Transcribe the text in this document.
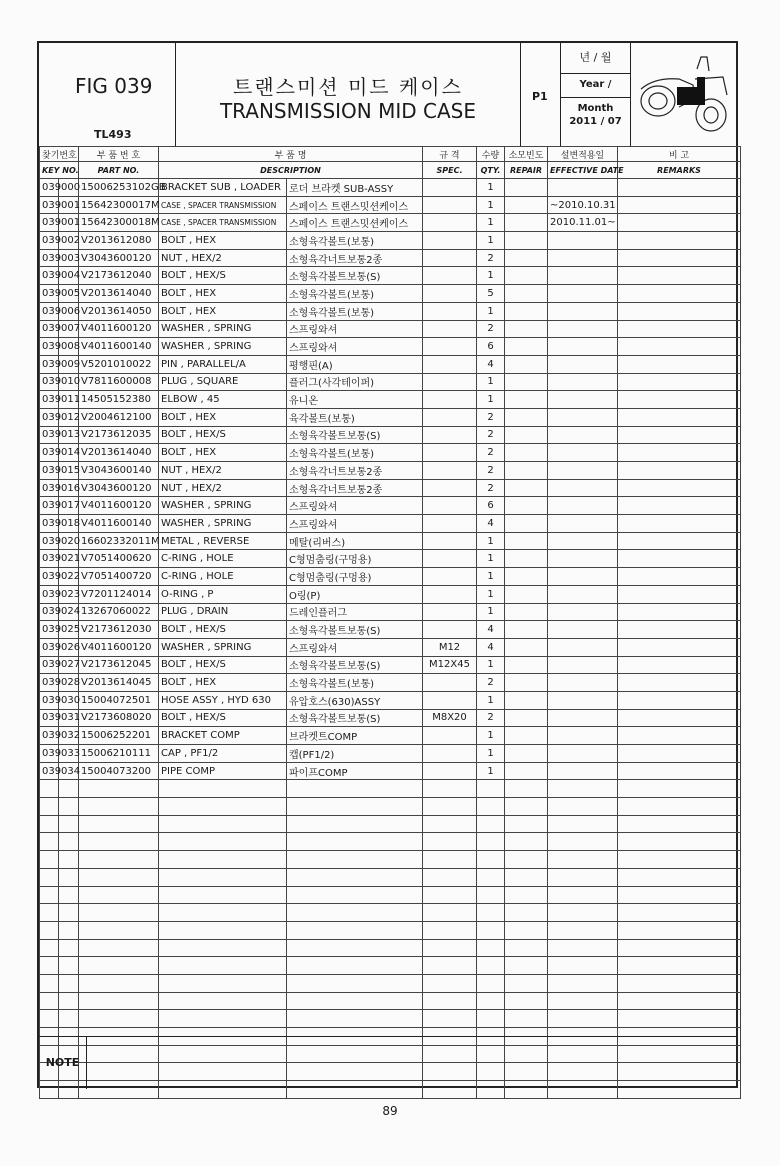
FIG 039
TL493
트랜스미션 미드 케이스
TRANSMISSION MID CASE
P1
년 / 월
Year / Month
2011 / 07
찾기번호		부 품 번 호	부 품 명		규 격	수량	소모빈도	설변적용일	비 고
KEY NO.		PART NO.	DESCRIPTION		SPEC.	QTY.	REPAIR	EFFECTIVE DATE	REMARKS
039	000	15006253102GB	BRACKET SUB , LOADER	로더 브라켓 SUB-ASSY		1			
039	001	15642300017M	CASE , SPACER TRANSMISSION	스페이스 트랜스밋션케이스		1		~2010.10.31	
039	001	15642300018M	CASE , SPACER TRANSMISSION	스페이스 트랜스밋션케이스		1		2010.11.01~	
039	002	V2013612080	BOLT , HEX	소형육각볼트(보통)		1			
039	003	V3043600120	NUT , HEX/2	소형육각너트보통2종		2			
039	004	V2173612040	BOLT , HEX/S	소형육각볼트보통(S)		1			
039	005	V2013614040	BOLT , HEX	소형육각볼트(보통)		5			
039	006	V2013614050	BOLT , HEX	소형육각볼트(보통)		1			
039	007	V4011600120	WASHER , SPRING	스프링와셔		2			
039	008	V4011600140	WASHER , SPRING	스프링와셔		6			
039	009	V5201010022	PIN , PARALLEL/A	평행핀(A)		4			
039	010	V7811600008	PLUG , SQUARE	플러그(사각테이퍼)		1			
039	011	14505152380	ELBOW , 45	유니온		1			
039	012	V2004612100	BOLT , HEX	육각볼트(보통)		2			
039	013	V2173612035	BOLT , HEX/S	소형육각볼트보통(S)		2			
039	014	V2013614040	BOLT , HEX	소형육각볼트(보통)		2			
039	015	V3043600140	NUT , HEX/2	소형육각너트보통2종		2			
039	016	V3043600120	NUT , HEX/2	소형육각너트보통2종		2			
039	017	V4011600120	WASHER , SPRING	스프링와셔		6			
039	018	V4011600140	WASHER , SPRING	스프링와셔		4			
039	020	16602332011M	METAL , REVERSE	메탈(리버스)		1			
039	021	V7051400620	C-RING , HOLE	C형멈춤링(구멍용)		1			
039	022	V7051400720	C-RING , HOLE	C형멈춤링(구멍용)		1			
039	023	V7201124014	O-RING , P	O링(P)		1			
039	024	13267060022	PLUG , DRAIN	드레인플러그		1			
039	025	V2173612030	BOLT , HEX/S	소형육각볼트보통(S)		4			
039	026	V4011600120	WASHER , SPRING	스프링와셔	M12	4			
039	027	V2173612045	BOLT , HEX/S	소형육각볼트보통(S)	M12X45	1			
039	028	V2013614045	BOLT , HEX	소형육각볼트(보통)		2			
039	030	15004072501	HOSE ASSY , HYD 630	유압호스(630)ASSY		1			
039	031	V2173608020	BOLT , HEX/S	소형육각볼트보통(S)	M8X20	2			
039	032	15006252201	BRACKET COMP	브라켓트COMP		1			
039	033	15006210111	CAP , PF1/2	캡(PF1/2)		1			
039	034	15004073200	PIPE COMP	파이프COMP		1			

NOTE
89
